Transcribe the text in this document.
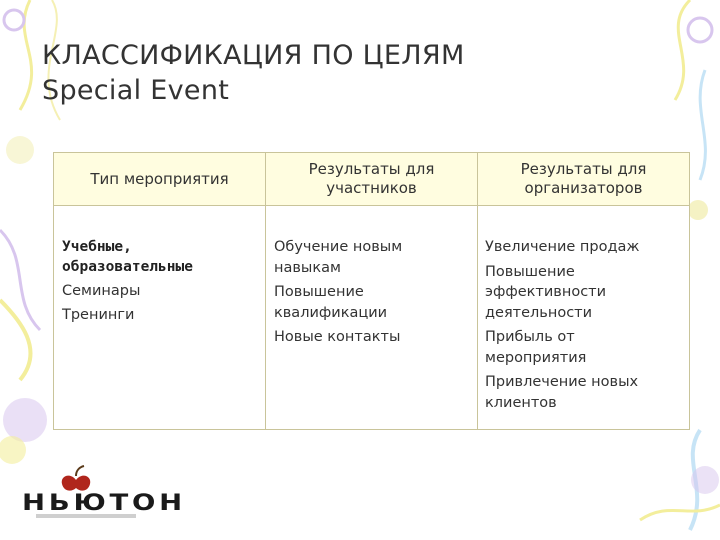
КЛАССИФИКАЦИЯ ПО ЦЕЛЯМ
Special Event
Тип мероприятия
Результаты для участников
Результаты для организаторов
Учебные,
образовательные
Семинары
Тренинги
Обучение новым навыкам
Повышение квалификации
Новые контакты
Увеличение продаж
Повышение эффективности деятельности
Прибыль от мероприятия
Привлечение новых клиентов
НЬЮТОН
